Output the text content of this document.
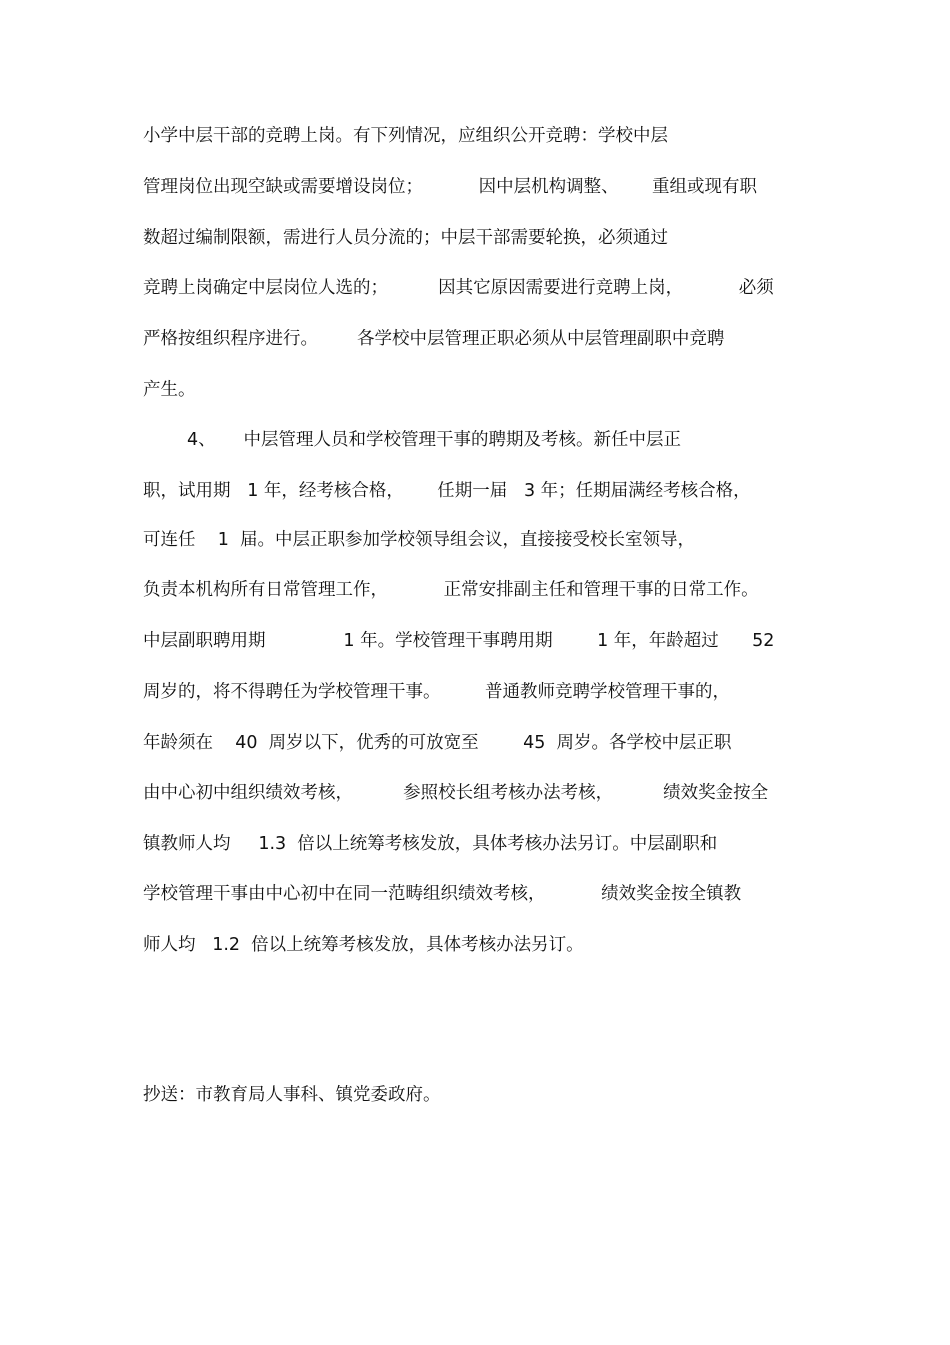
小学中层干部的竞聘上岗。有下列情况，应组织公开竞聘：学校中层
管理岗位出现空缺或需要增设岗位；          因中层机构调整、      重组或现有职
数超过编制限额，需进行人员分流的；中层干部需要轮换，必须通过
竞聘上岗确定中层岗位人选的；         因其它原因需要进行竞聘上岗，          必须
严格按组织程序进行。       各学校中层管理正职必须从中层管理副职中竞聘
产生。
4、     中层管理人员和学校管理干事的聘期及考核。新任中层正
职，试用期   1 年，经考核合格，      任期一届   3 年；任期届满经考核合格，
可连任    1  届。中层正职参加学校领导组会议，直接接受校长室领导，
负责本机构所有日常管理工作，          正常安排副主任和管理干事的日常工作。
中层副职聘用期              1 年。学校管理干事聘用期        1 年，年龄超过      52
周岁的，将不得聘任为学校管理干事。        普通教师竞聘学校管理干事的，
年龄须在    40  周岁以下，优秀的可放宽至        45  周岁。各学校中层正职
由中心初中组织绩效考核，         参照校长组考核办法考核，         绩效奖金按全
镇教师人均     1.3  倍以上统筹考核发放，具体考核办法另订。中层副职和
学校管理干事由中心初中在同一范畴组织绩效考核，          绩效奖金按全镇教
师人均   1.2  倍以上统筹考核发放，具体考核办法另订。
抄送：市教育局人事科、镇党委政府。
